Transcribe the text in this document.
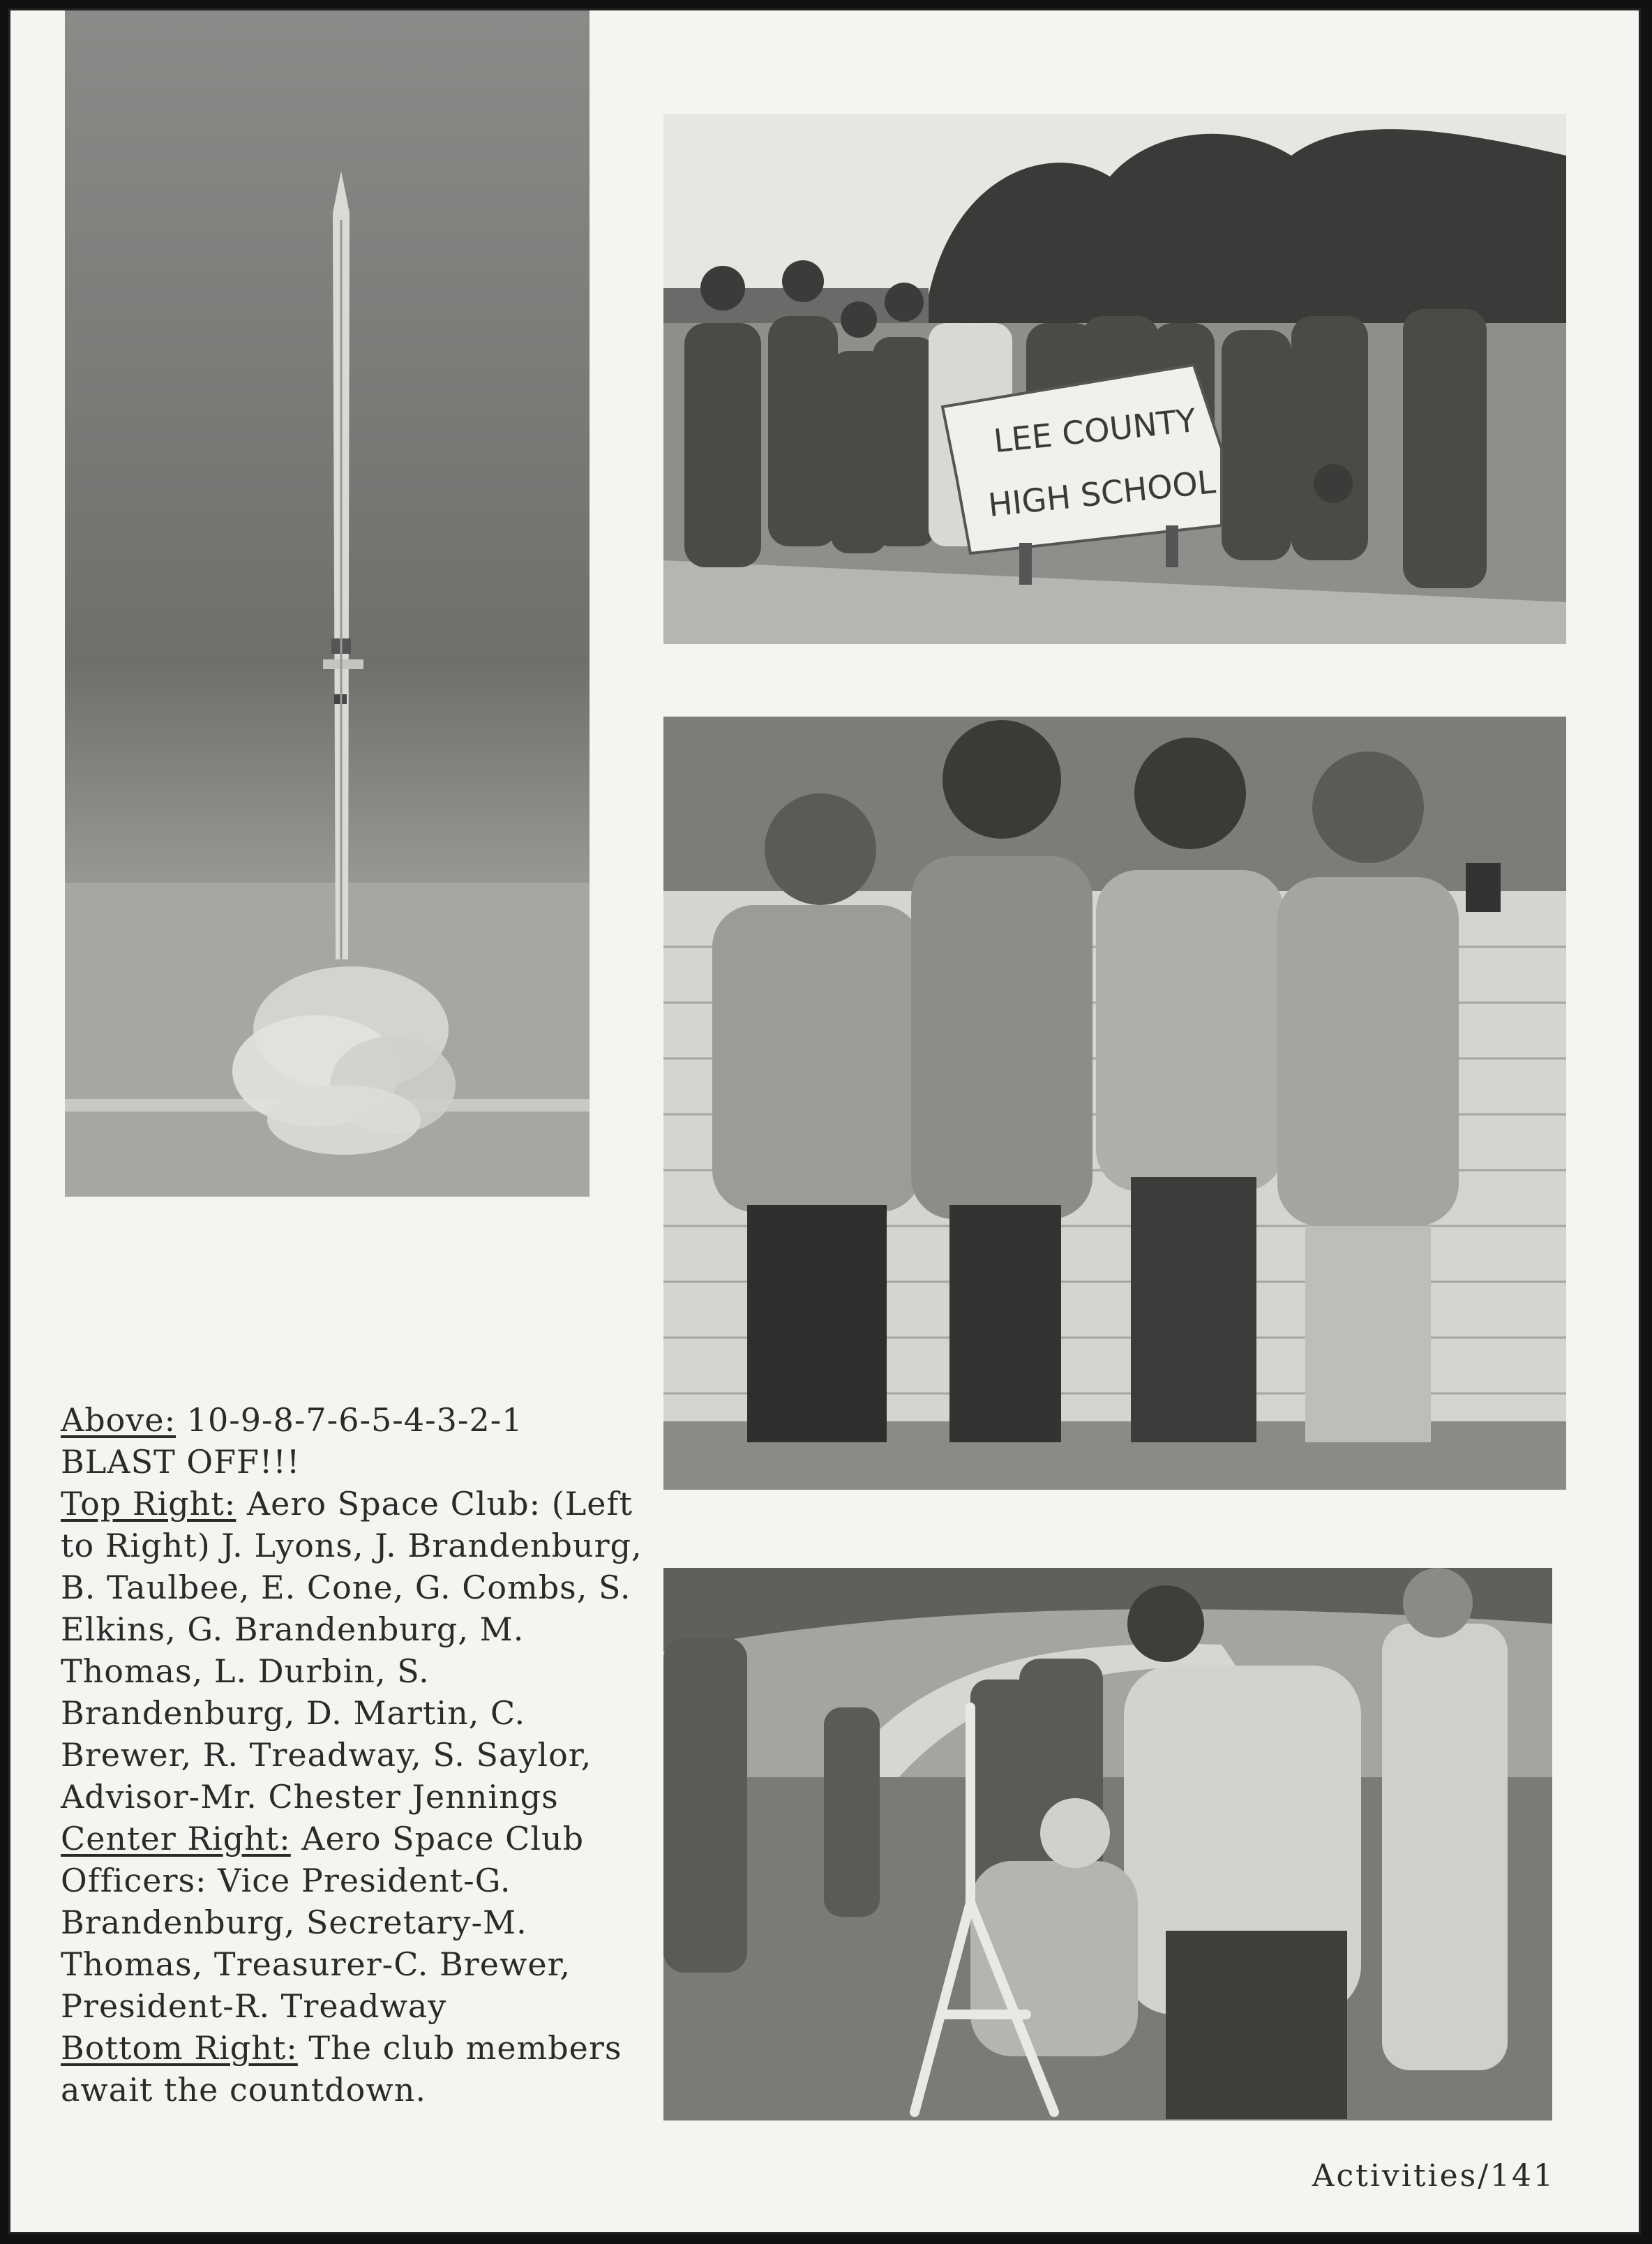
LEE COUNTY
HIGH SCHOOL

Above: 10-9-8-7-6-5-4-3-2-1 BLAST OFF!!!

Top Right: Aero Space Club: (Left to Right) J. Lyons, J. Brandenburg, B. Taulbee, E. Cone, G. Combs, S. Elkins, G. Brandenburg, M. Thomas, L. Durbin, S. Brandenburg, D. Martin, C. Brewer, R. Treadway, S. Saylor, Advisor-Mr. Chester Jennings

Center Right: Aero Space Club Officers: Vice President-G. Brandenburg, Secretary-M. Thomas, Treasurer-C. Brewer, President-R. Treadway

Bottom Right: The club members await the countdown.

Activities/141
